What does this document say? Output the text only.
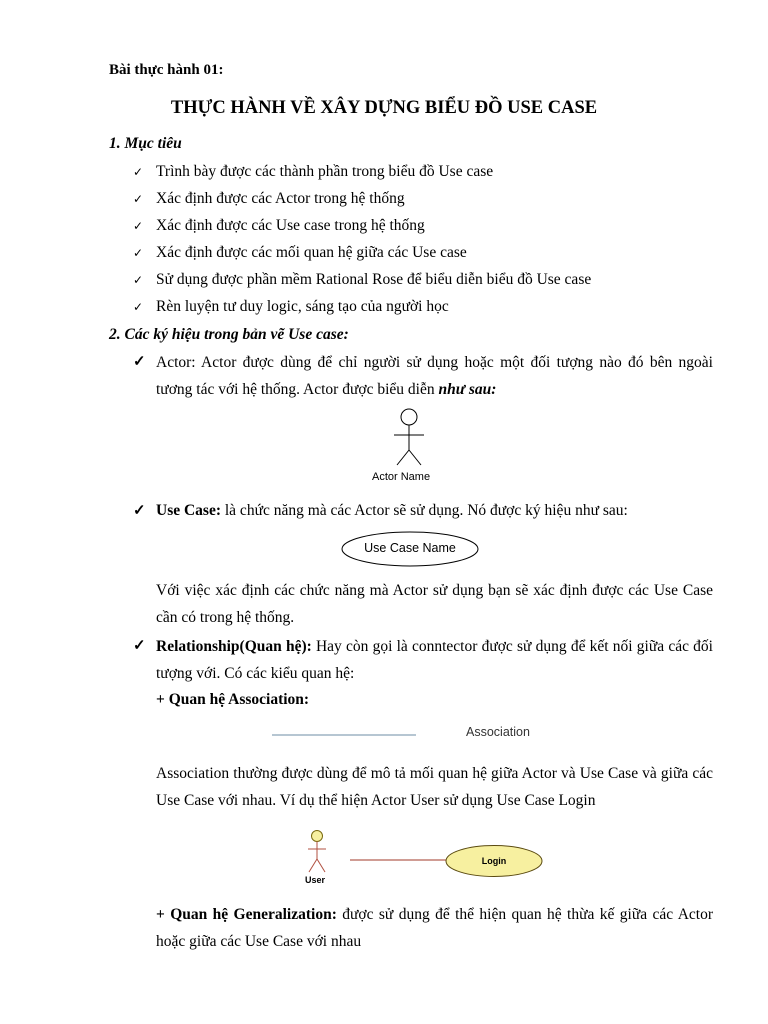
Bài thực hành 01:

THỰC HÀNH VỀ XÂY DỰNG BIỂU ĐỒ USE CASE

1. Mục tiêu

✓ Trình bày được các thành phần trong biểu đồ Use case

✓ Xác định được các Actor trong hệ thống

✓ Xác định được các Use case trong hệ thống

✓ Xác định được các mối quan hệ giữa các Use case

✓ Sử dụng được phần mềm Rational Rose để biểu diễn biểu đồ Use case

✓ Rèn luyện tư duy logic, sáng tạo của người học

2. Các ký hiệu trong bản vẽ Use case:

✓ Actor: Actor được dùng để chỉ người sử dụng hoặc một đối tượng nào đó bên ngoài tương tác với hệ thống. Actor được biểu diễn như sau:

Actor Name
✓ Use Case: là chức năng mà các Actor sẽ sử dụng. Nó được ký hiệu như sau:

Use Case Name

Với việc xác định các chức năng mà Actor sử dụng bạn sẽ xác định được các Use Case cần có trong hệ thống.

✓ Relationship(Quan hệ): Hay còn gọi là conntector được sử dụng để kết nối giữa các đối tượng với. Có các kiểu quan hệ:

+ Quan hệ Association:

Association

Association thường được dùng để mô tả mối quan hệ giữa Actor và Use Case và giữa các Use Case với nhau. Ví dụ thể hiện Actor User sử dụng Use Case Login

User
Login

+ Quan hệ Generalization: được sử dụng để thể hiện quan hệ thừa kế giữa các Actor hoặc giữa các Use Case với nhau
